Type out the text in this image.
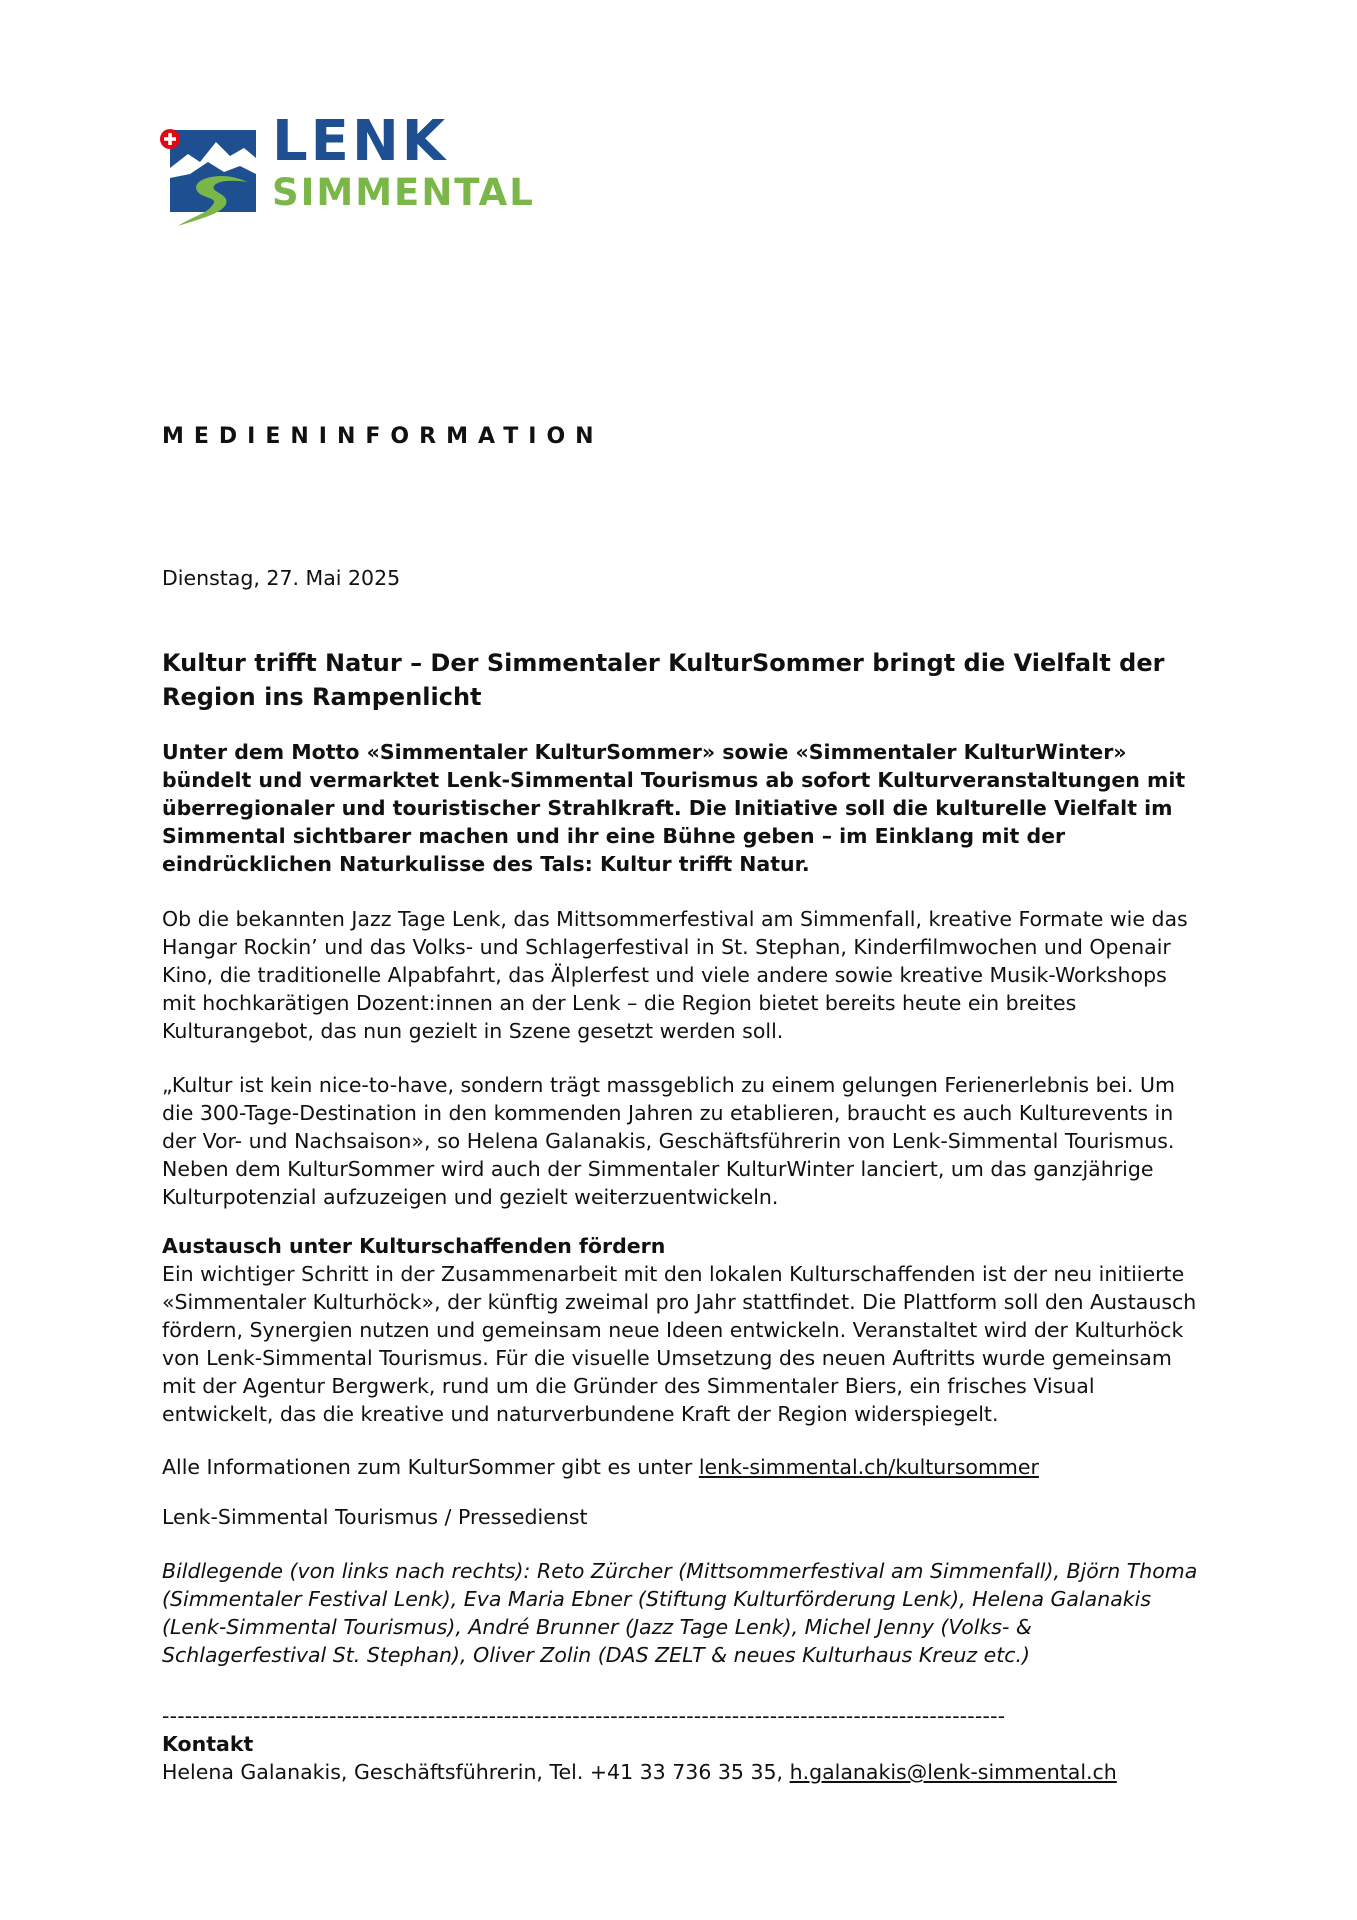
LENK
SIMMENTAL
MEDIENINFORMATION

Dienstag, 27. Mai 2025

Kultur trifft Natur – Der Simmentaler KulturSommer bringt die Vielfalt der Region ins Rampenlicht

Unter dem Motto «Simmentaler KulturSommer» sowie «Simmentaler KulturWinter» bündelt und vermarktet Lenk-Simmental Tourismus ab sofort Kulturveranstaltungen mit überregionaler und touristischer Strahlkraft. Die Initiative soll die kulturelle Vielfalt im Simmental sichtbarer machen und ihr eine Bühne geben – im Einklang mit der eindrücklichen Naturkulisse des Tals: Kultur trifft Natur.

Ob die bekannten Jazz Tage Lenk, das Mittsommerfestival am Simmenfall, kreative Formate wie das Hangar Rockin’ und das Volks- und Schlagerfestival in St. Stephan, Kinderfilmwochen und Openair Kino, die traditionelle Alpabfahrt, das Älplerfest und viele andere sowie kreative Musik-Workshops mit hochkarätigen Dozent:innen an der Lenk – die Region bietet bereits heute ein breites Kulturangebot, das nun gezielt in Szene gesetzt werden soll.

„Kultur ist kein nice-to-have, sondern trägt massgeblich zu einem gelungen Ferienerlebnis bei. Um die 300-Tage-Destination in den kommenden Jahren zu etablieren, braucht es auch Kulturevents in der Vor- und Nachsaison», so Helena Galanakis, Geschäftsführerin von Lenk-Simmental Tourismus. Neben dem KulturSommer wird auch der Simmentaler KulturWinter lanciert, um das ganzjährige Kulturpotenzial aufzuzeigen und gezielt weiterzuentwickeln.

Austausch unter Kulturschaffenden fördern

Ein wichtiger Schritt in der Zusammenarbeit mit den lokalen Kulturschaffenden ist der neu initiierte «Simmentaler Kulturhöck», der künftig zweimal pro Jahr stattfindet. Die Plattform soll den Austausch fördern, Synergien nutzen und gemeinsam neue Ideen entwickeln. Veranstaltet wird der Kulturhöck von Lenk-Simmental Tourismus. Für die visuelle Umsetzung des neuen Auftritts wurde gemeinsam mit der Agentur Bergwerk, rund um die Gründer des Simmentaler Biers, ein frisches Visual entwickelt, das die kreative und naturverbundene Kraft der Region widerspiegelt.

Alle Informationen zum KulturSommer gibt es unter lenk-simmental.ch/kultursommer

Lenk-Simmental Tourismus / Pressedienst

Bildlegende (von links nach rechts): Reto Zürcher (Mittsommerfestival am Simmenfall), Björn Thoma (Simmentaler Festival Lenk), Eva Maria Ebner (Stiftung Kulturförderung Lenk), Helena Galanakis (Lenk-Simmental Tourismus), André Brunner (Jazz Tage Lenk), Michel Jenny (Volks- & Schlagerfestival St. Stephan), Oliver Zolin (DAS ZELT & neues Kulturhaus Kreuz etc.)

---------------------------------------------------------------------------------------------------------------

Kontakt

Helena Galanakis, Geschäftsführerin, Tel. +41 33 736 35 35, h.galanakis@lenk-simmental.ch
